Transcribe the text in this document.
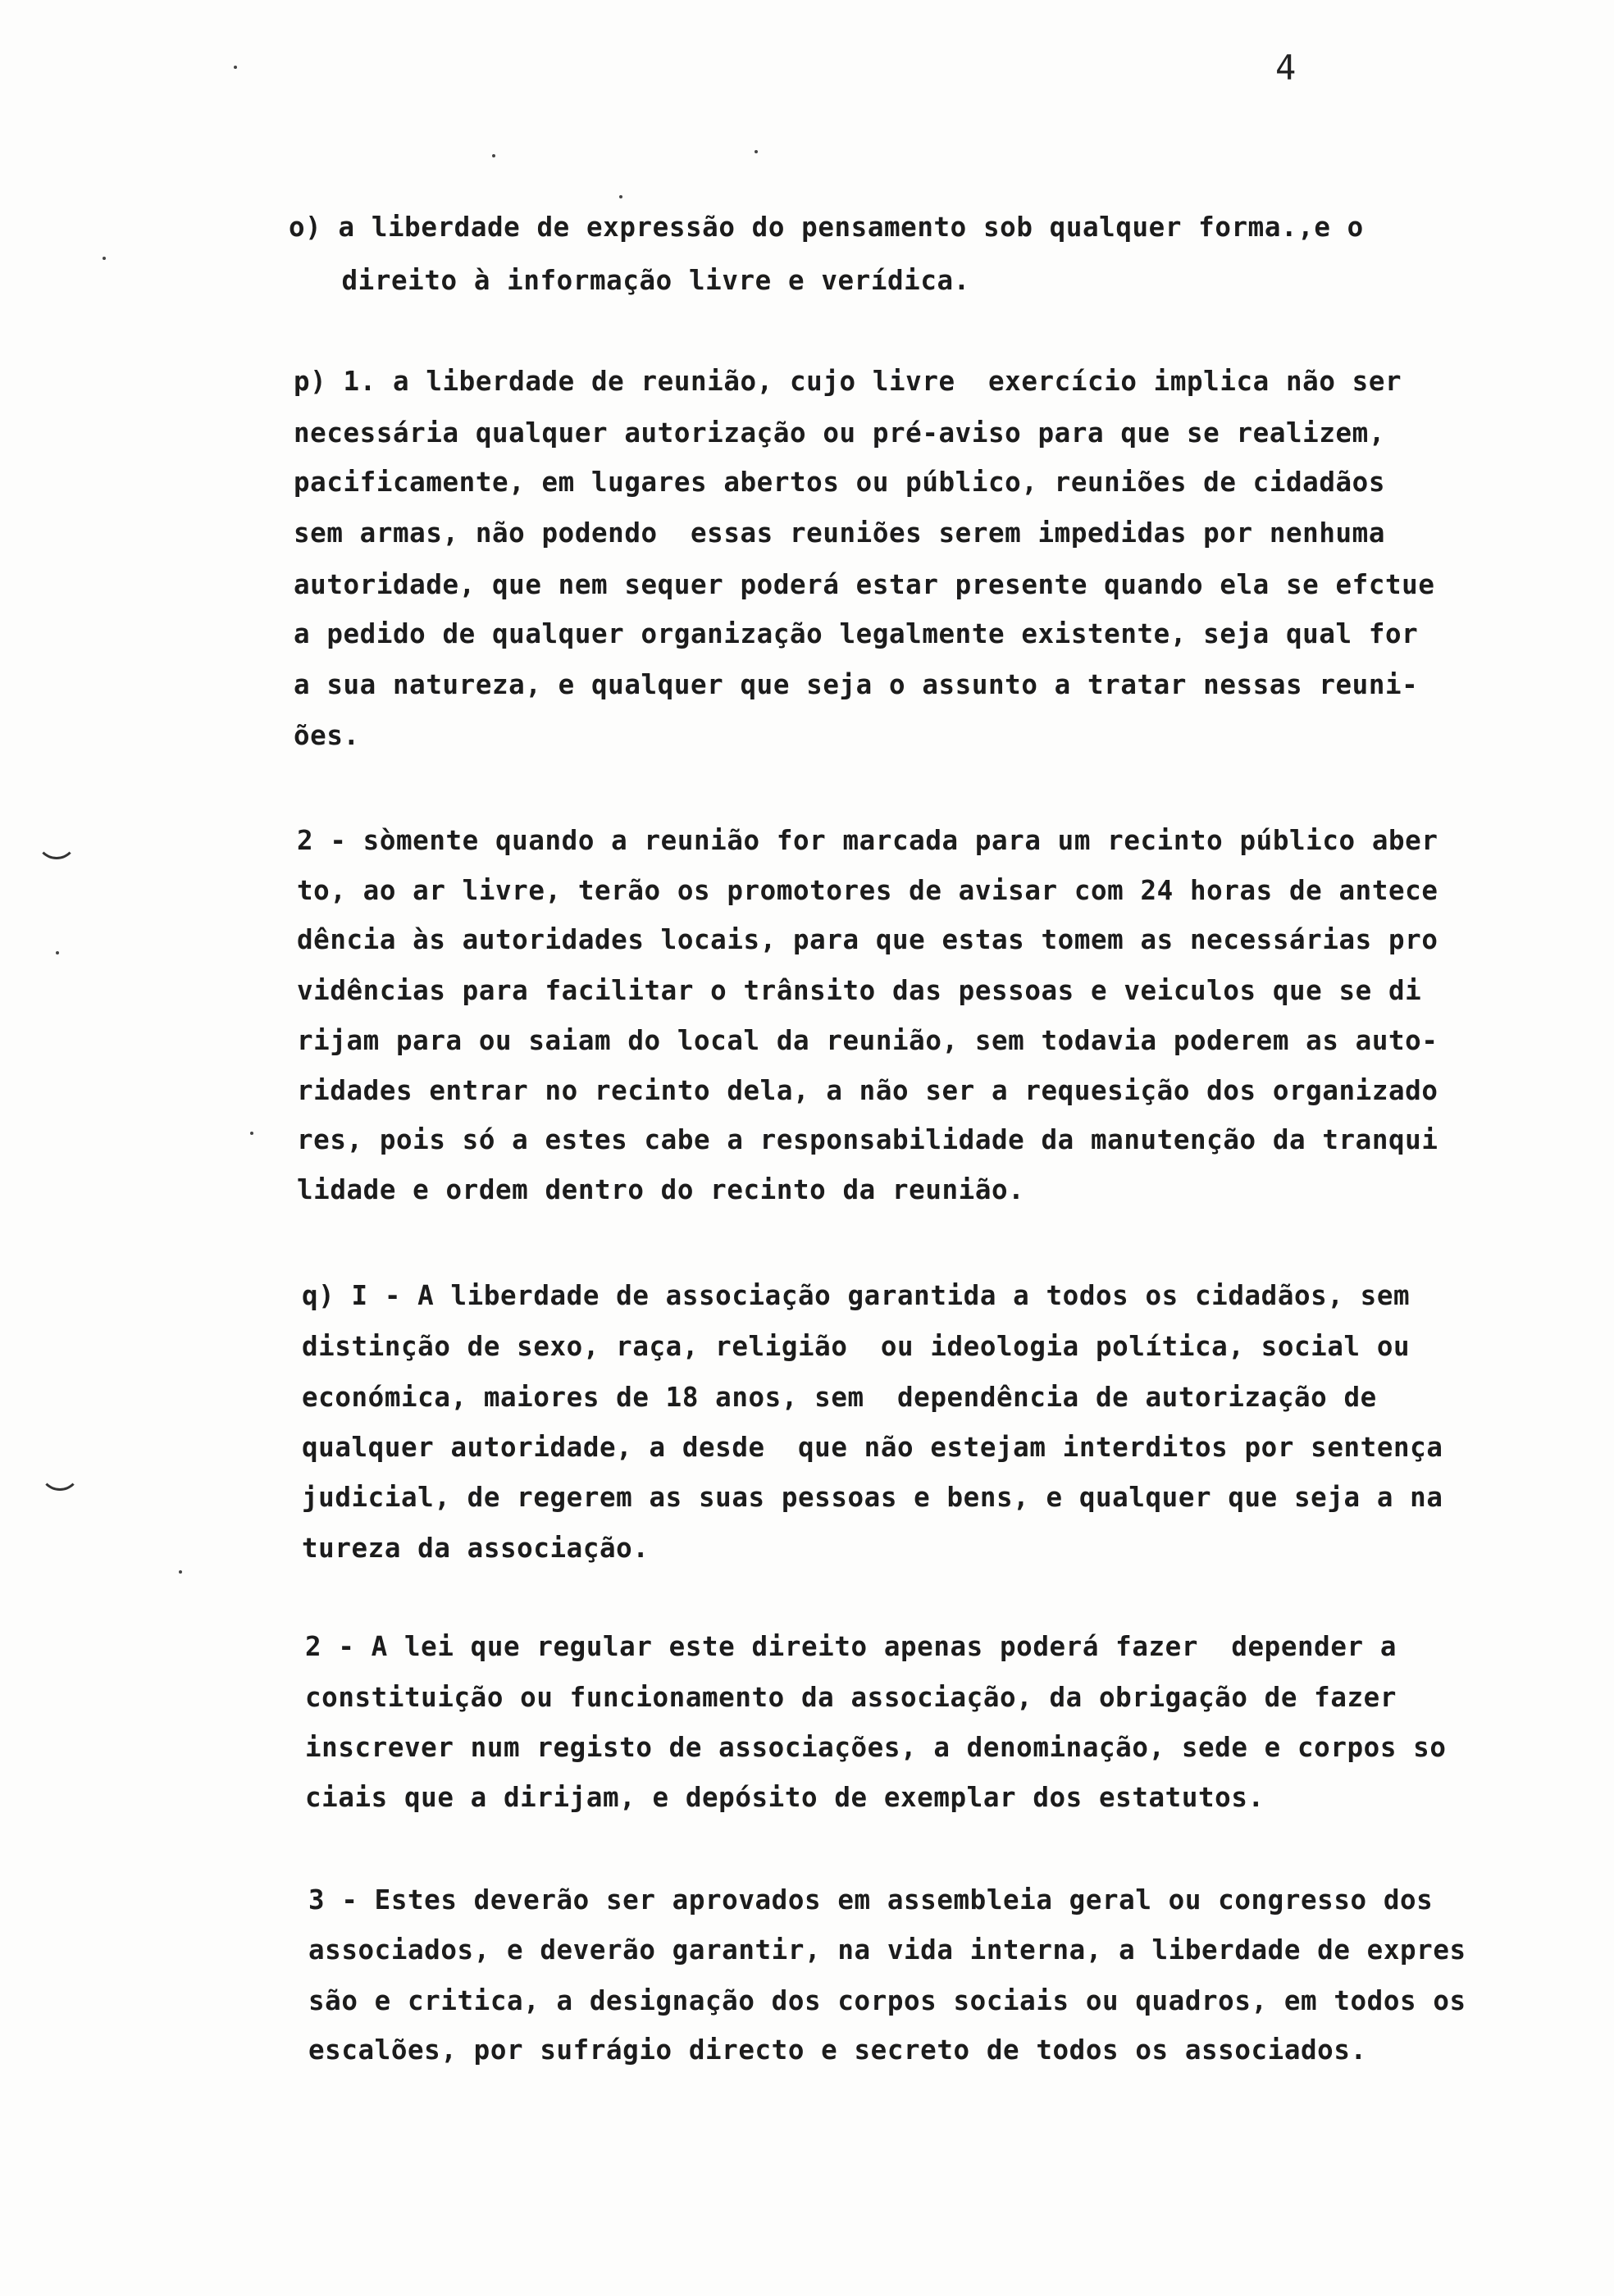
4
o) a liberdade de expressão do pensamento sob qualquer forma.,e o
direito à informação livre e verídica.
p) 1. a liberdade de reunião, cujo livre  exercício implica não ser
necessária qualquer autorização ou pré-aviso para que se realizem,
pacificamente, em lugares abertos ou público, reuniões de cidadãos
sem armas, não podendo  essas reuniões serem impedidas por nenhuma
autoridade, que nem sequer poderá estar presente quando ela se efctue
a pedido de qualquer organização legalmente existente, seja qual for
a sua natureza, e qualquer que seja o assunto a tratar nessas reuni-
ões.
2 - sòmente quando a reunião for marcada para um recinto público aber
to, ao ar livre, terão os promotores de avisar com 24 horas de antece
dência às autoridades locais, para que estas tomem as necessárias pro
vidências para facilitar o trânsito das pessoas e veiculos que se di
rijam para ou saiam do local da reunião, sem todavia poderem as auto-
ridades entrar no recinto dela, a não ser a requesição dos organizado
res, pois só a estes cabe a responsabilidade da manutenção da tranqui
lidade e ordem dentro do recinto da reunião.
q) I - A liberdade de associação garantida a todos os cidadãos, sem
distinção de sexo, raça, religião  ou ideologia política, social ou
económica, maiores de 18 anos, sem  dependência de autorização de
qualquer autoridade, a desde  que não estejam interditos por sentença
judicial, de regerem as suas pessoas e bens, e qualquer que seja a na
tureza da associação.
2 - A lei que regular este direito apenas poderá fazer  depender a
constituição ou funcionamento da associação, da obrigação de fazer
inscrever num registo de associações, a denominação, sede e corpos so
ciais que a dirijam, e depósito de exemplar dos estatutos.
3 - Estes deverão ser aprovados em assembleia geral ou congresso dos
associados, e deverão garantir, na vida interna, a liberdade de expres
são e critica, a designação dos corpos sociais ou quadros, em todos os
escalões, por sufrágio directo e secreto de todos os associados.
